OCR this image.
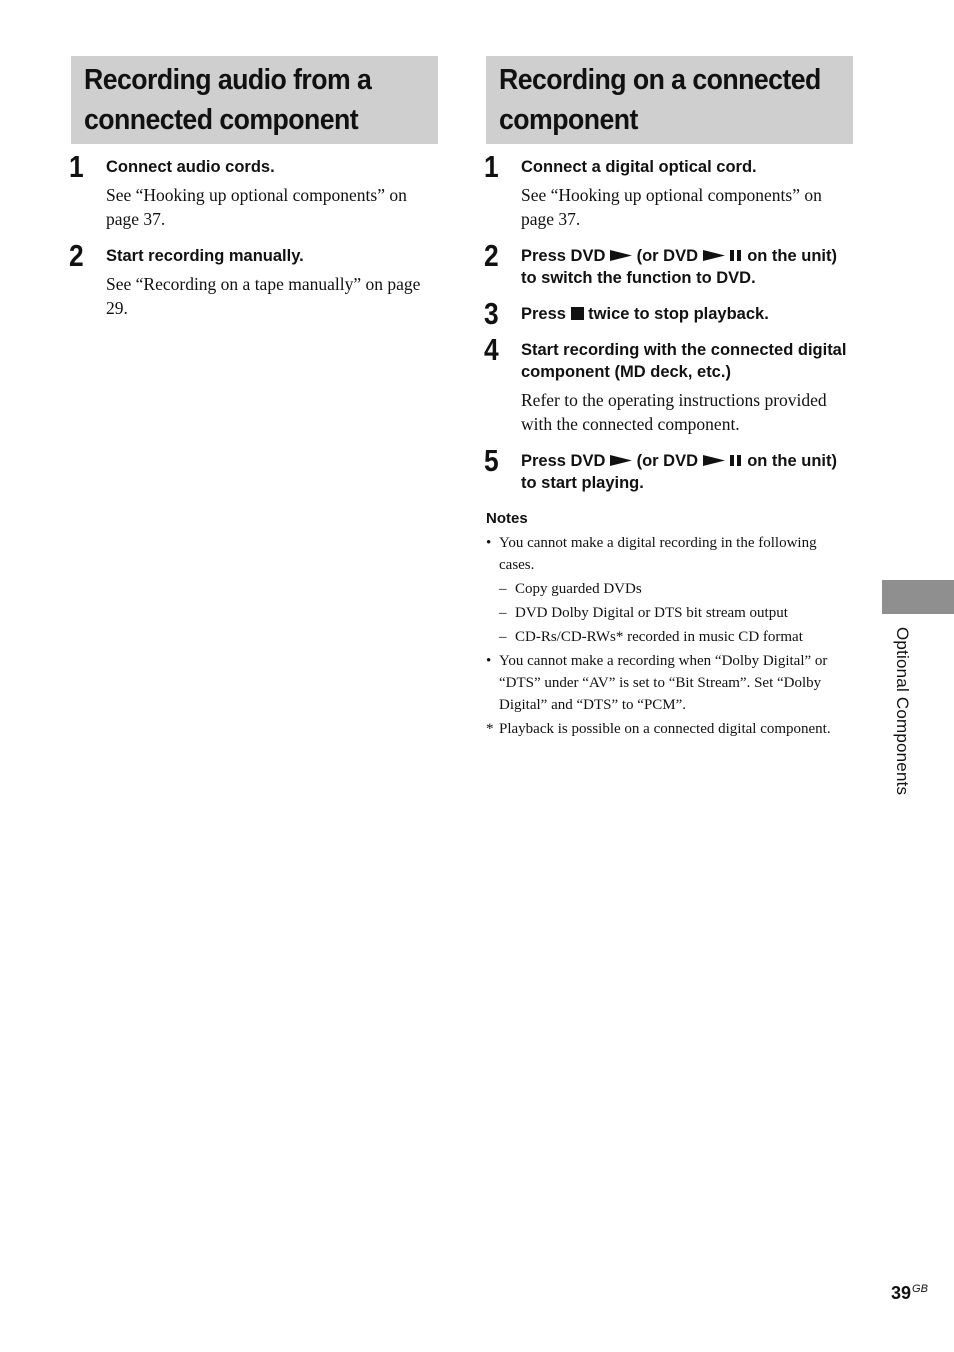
Recording audio from a
connected component
1 Connect audio cords.
See “Hooking up optional components” on page 37.
2 Start recording manually.
See “Recording on a tape manually” on page 29.
Recording on a connected
component
1 Connect a digital optical cord.
See “Hooking up optional components” on page 37.
2 Press DVD (or DVD	on the unit) to switch the function to DVD.
3 Press twice to stop playback.
4 Start recording with the connected digital component (MD deck, etc.)
Refer to the operating instructions provided with the connected component.
5 Press DVD (or DVD	on the unit) to start playing.
Notes
• You cannot make a digital recording in the following cases.
– Copy guarded DVDs
– DVD Dolby Digital or DTS bit stream output
– CD-Rs/CD-RWs* recorded in music CD format
• You cannot make a recording when “Dolby Digital” or “DTS” under “AV” is set to “Bit Stream”. Set “Dolby Digital” and “DTS” to “PCM”.
* Playback is possible on a connected digital component.	Optional Components
$39^{GB}$
